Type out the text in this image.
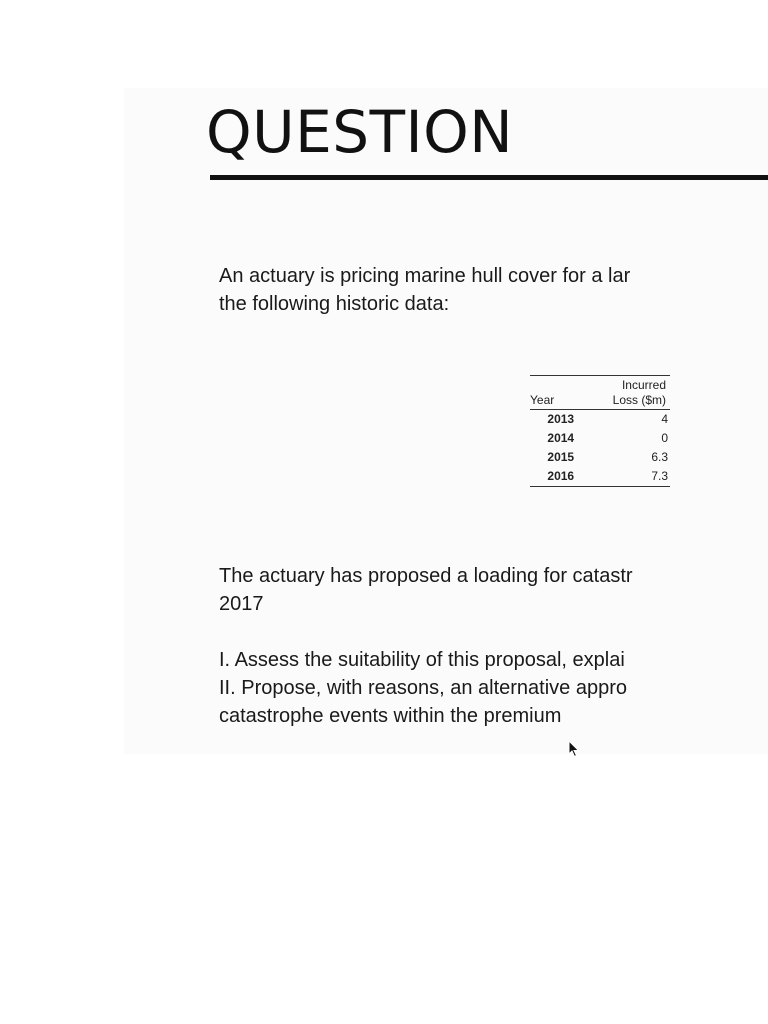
QUESTION

An actuary is pricing marine hull cover for a lar
the following historic data:

Year	Incurred
Loss ($m)
2013	4
2014	0
2015	6.3
2016	7.3

The actuary has proposed a loading for catastr
2017

I. Assess the suitability of this proposal, explai
II. Propose, with reasons, an alternative appro
catastrophe events within the premium
